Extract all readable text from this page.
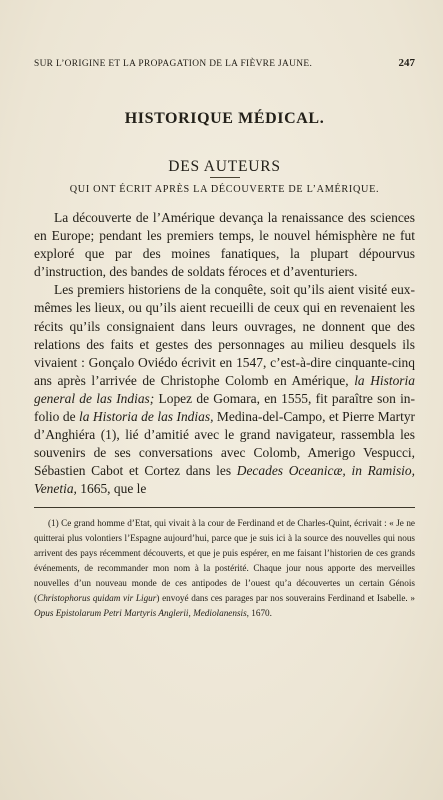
SUR L’ORIGINE ET LA PROPAGATION DE LA FIÈVRE JAUNE.	247
HISTORIQUE MÉDICAL.
DES AUTEURS
QUI ONT ÉCRIT APRÈS LA DÉCOUVERTE DE L’AMÉRIQUE.

La découverte de l’Amérique devança la renaissance des sciences en Europe; pendant les premiers temps, le nouvel hémisphère ne fut exploré que par des moines fanatiques, la plupart dépourvus d’instruction, des bandes de soldats féroces et d’aventuriers.

Les premiers historiens de la conquête, soit qu’ils aient visité eux-mêmes les lieux, ou qu’ils aient recueilli de ceux qui en revenaient les récits qu’ils consignaient dans leurs ouvrages, ne donnent que des relations des faits et gestes des personnages au milieu desquels ils vivaient : Gonçalo Oviédo écrivit en 1547, c’est-à-dire cinquante-cinq ans après l’arrivée de Christophe Colomb en Amérique, la Historia general de las Indias; Lopez de Gomara, en 1555, fit paraître son in-folio de la Historia de las Indias, Medina-del-Campo, et Pierre Martyr d’Anghiéra (1), lié d’amitié avec le grand navigateur, rassembla les souvenirs de ses conversations avec Colomb, Amerigo Vespucci, Sébastien Cabot et Cortez dans les Decades Oceanicæ, in Ramisio, Venetia, 1665, que le

(1) Ce grand homme d’Etat, qui vivait à la cour de Ferdinand et de Charles-Quint, écrivait : « Je ne quitterai plus volontiers l’Espagne aujourd’hui, parce que je suis ici à la source des nouvelles qui nous arrivent des pays récemment découverts, et que je puis espérer, en me faisant l’historien de ces grands événements, de recommander mon nom à la postérité. Chaque jour nous apporte des merveilles nouvelles d’un nouveau monde de ces antipodes de l’ouest qu’a découvertes un certain Génois (Christophorus quidam vir Ligur) envoyé dans ces parages par nos souverains Ferdinand et Isabelle. » Opus Epistolarum Petri Martyris Anglerii, Mediolanensis, 1670.
